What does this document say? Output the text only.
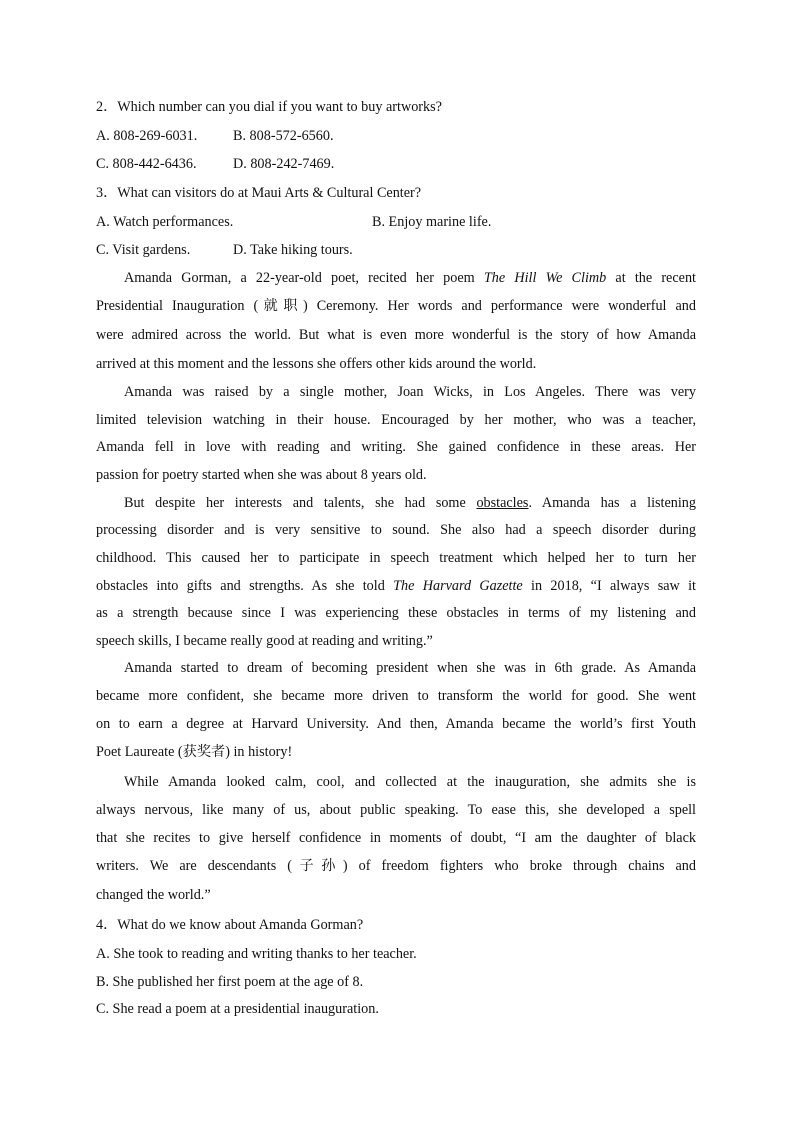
2．Which number can you dial if you want to buy artworks?
A. 808-269-6031.	B. 808-572-6560.
C. 808-442-6436.	D. 808-242-7469.
3．What can visitors do at Maui Arts & Cultural Center?
A. Watch performances.	B. Enjoy marine life.
C. Visit gardens.	D. Take hiking tours.
Amanda Gorman, a 22-year-old poet, recited her poem The Hill We Climb at the recent
Presidential Inauguration (就职) Ceremony. Her words and performance were wonderful and
were admired across the world. But what is even more wonderful is the story of how Amanda
arrived at this moment and the lessons she offers other kids around the world.
Amanda was raised by a single mother, Joan Wicks, in Los Angeles. There was very
limited television watching in their house. Encouraged by her mother, who was a teacher,
Amanda fell in love with reading and writing. She gained confidence in these areas. Her
passion for poetry started when she was about 8 years old.
But despite her interests and talents, she had some obstacles. Amanda has a listening
processing disorder and is very sensitive to sound. She also had a speech disorder during
childhood. This caused her to participate in speech treatment which helped her to turn her
obstacles into gifts and strengths. As she told The Harvard Gazette in 2018, “I always saw it
as a strength because since I was experiencing these obstacles in terms of my listening and
speech skills, I became really good at reading and writing.”
Amanda started to dream of becoming president when she was in 6th grade. As Amanda
became more confident, she became more driven to transform the world for good. She went
on to earn a degree at Harvard University. And then, Amanda became the world’s first Youth
Poet Laureate (获奖者) in history!
While Amanda looked calm, cool, and collected at the inauguration, she admits she is
always nervous, like many of us, about public speaking. To ease this, she developed a spell
that she recites to give herself confidence in moments of doubt, “I am the daughter of black
writers. We are descendants (子孙) of freedom fighters who broke through chains and
changed the world.”
4．What do we know about Amanda Gorman?
A. She took to reading and writing thanks to her teacher.
B. She published her first poem at the age of 8.
C. She read a poem at a presidential inauguration.
